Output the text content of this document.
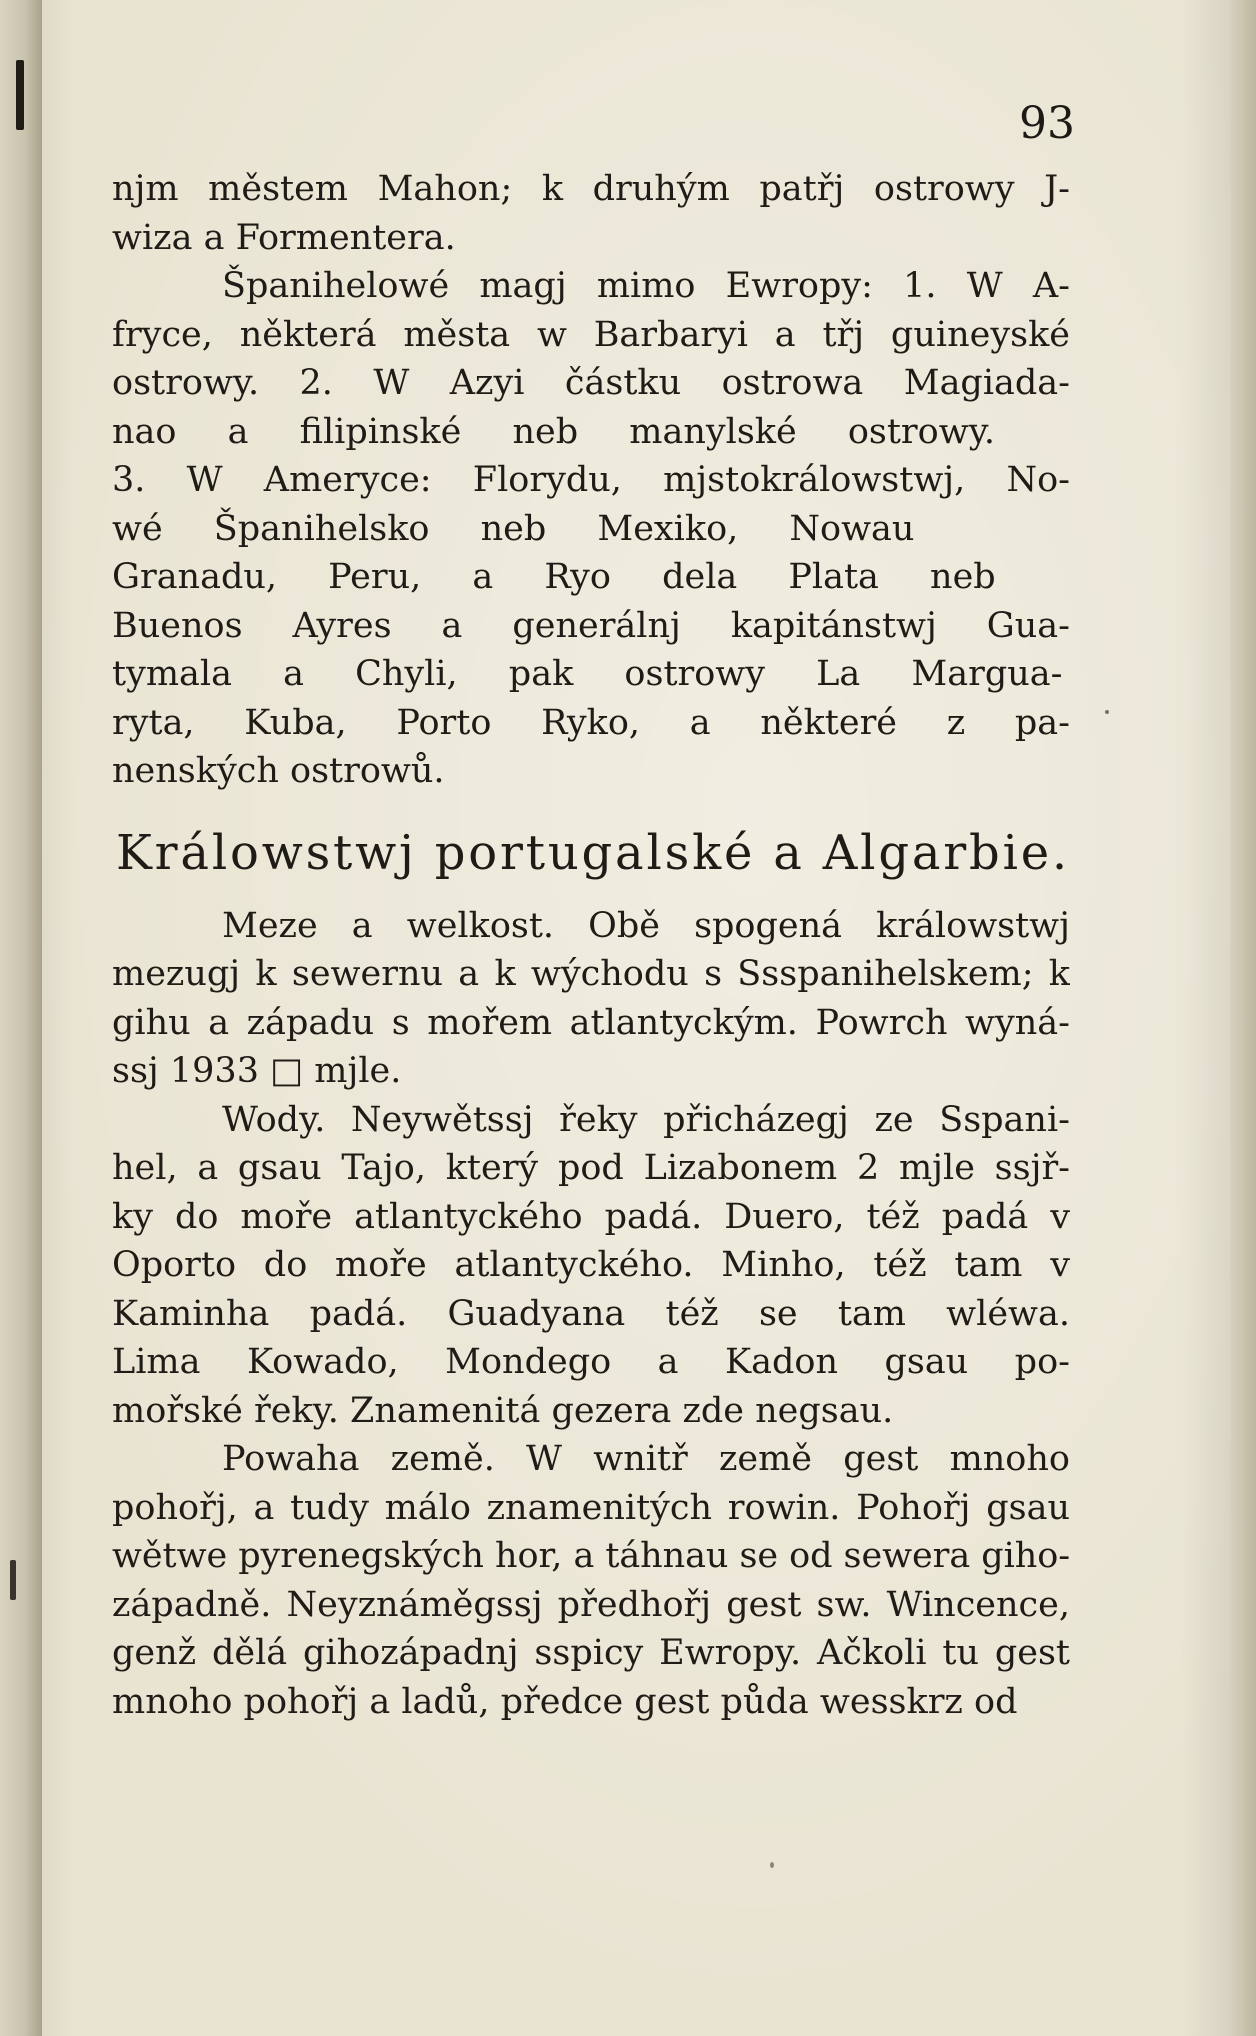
93
njm městem Mahon; k druhým patřj ostrowy J-
wiza a Formentera.
Španihelowé magj mimo Ewropy: 1. W A-
fryce, některá města w Barbaryi a třj guineyské
ostrowy. 2. W Azyi částku ostrowa Magiada-
nao a filipinské neb manylské ostrowy.
3. W Ameryce: Florydu, mjstokrálowstwj, No-
wé Španihelsko neb Mexiko, Nowau
Granadu, Peru, a Ryo dela Plata neb
Buenos Ayres a generálnj kapitánstwj Gua-
tymala a Chyli, pak ostrowy La Margua-
ryta, Kuba, Porto Ryko, a některé z pa-
nenských ostrowů.
Králowstwj portugalské a Algarbie.
Meze a welkost. Obě spogená králowstwj
mezugj k sewernu a k wýchodu s Ssspanihelskem; k
gihu a západu s mořem atlantyckým. Powrch wyná-
ssj 1933 □ mjle.
Wody. Neywětssj řeky přicházegj ze Sspani-
hel, a gsau Tajo, který pod Lizabonem 2 mjle ssjř-
ky do moře atlantyckého padá. Duero, též padá v
Oporto do moře atlantyckého. Minho, též tam v
Kaminha padá. Guadyana též se tam wléwa.
Lima Kowado, Mondego a Kadon gsau po-
mořské řeky. Znamenitá gezera zde negsau.
Powaha země. W wnitř země gest mnoho
pohořj, a tudy málo znamenitých rowin. Pohořj gsau
wětwe pyrenegských hor, a táhnau se od sewera giho-
západně. Neyznáměgssj předhořj gest sw. Wincence,
genž dělá gihozápadnj sspicy Ewropy. Ačkoli tu gest
mnoho pohořj a ladů, předce gest půda wesskrz od
